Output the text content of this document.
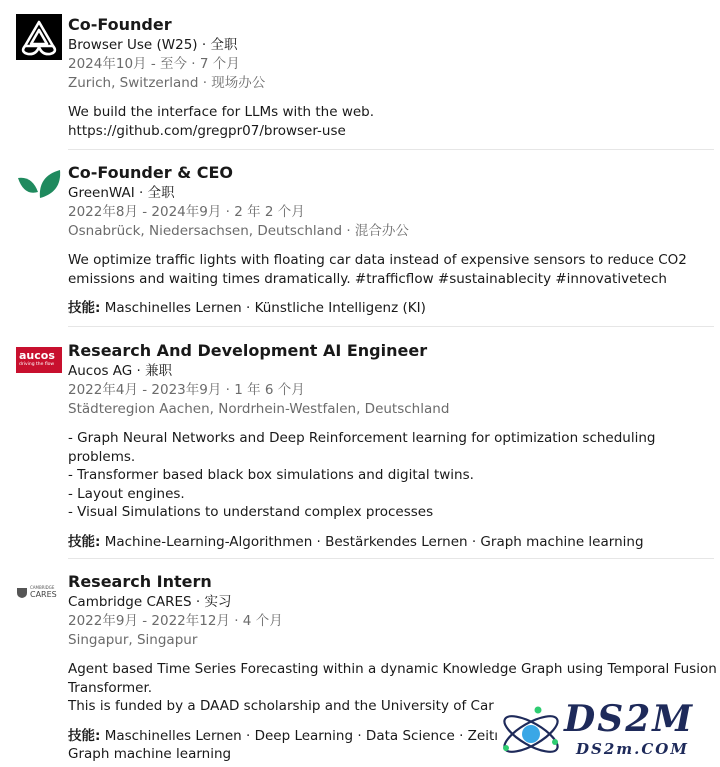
Co-Founder
Browser Use (W25) · 全职
2024年10月 - 至今 · 7 个月
Zurich, Switzerland · 现场办公
We build the interface for LLMs with the web.
https://github.com/gregpr07/browser-use
Co-Founder & CEO
GreenWAI · 全职
2022年8月 - 2024年9月 · 2 年 2 个月
Osnabrück, Niedersachsen, Deutschland · 混合办公
We optimize traffic lights with floating car data instead of expensive sensors to reduce CO2
emissions and waiting times dramatically. #trafficflow #sustainablecity #innovativetech
技能: Maschinelles Lernen · Künstliche Intelligenz (KI)
aucos
driving the flow
Research And Development AI Engineer
Aucos AG · 兼职
2022年4月 - 2023年9月 · 1 年 6 个月
Städteregion Aachen, Nordrhein-Westfalen, Deutschland
- Graph Neural Networks and Deep Reinforcement learning for optimization scheduling
problems.
- Transformer based black box simulations and digital twins.
- Layout engines.
- Visual Simulations to understand complex processes
技能: Machine-Learning-Algorithmen · Bestärkendes Lernen · Graph machine learning
CAMBRIDGE
CARES
Research Intern
Cambridge CARES · 实习
2022年9月 - 2022年12月 · 4 个月
Singapur, Singapur
Agent based Time Series Forecasting within a dynamic Knowledge Graph using Temporal Fusion
Transformer.
This is funded by a DAAD scholarship and the University of Car
技能: Maschinelles Lernen · Deep Learning · Data Science · Zeitı
Graph machine learning
DS2M
DS2m.COM
